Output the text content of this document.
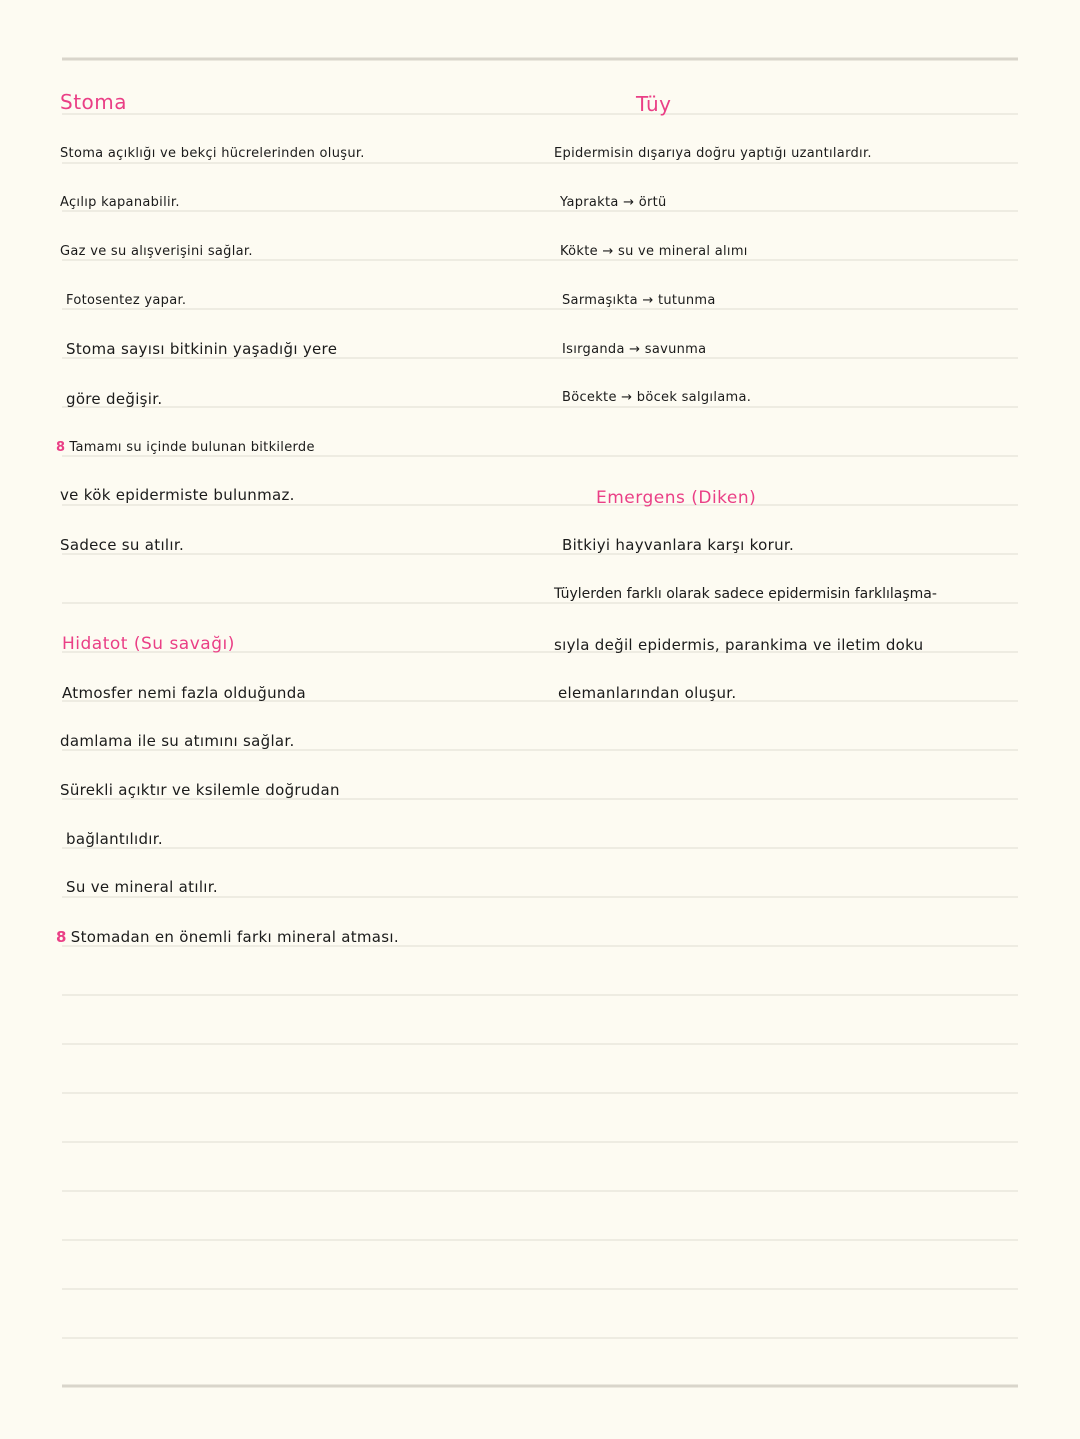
Stoma
Stoma açıklığı ve bekçi hücrelerinden oluşur.
Açılıp kapanabilir.
Gaz ve su alışverişini sağlar.
Fotosentez yapar.
Stoma sayısı bitkinin yaşadığı yere
göre değişir.
8 Tamamı su içinde bulunan bitkilerde
ve kök epidermiste bulunmaz.
Sadece su atılır.
Hidatot (Su savağı)
Atmosfer nemi fazla olduğunda
damlama ile su atımını sağlar.
Sürekli açıktır ve ksilemle doğrudan
bağlantılıdır.
Su ve mineral atılır.
8 Stomadan en önemli farkı mineral atması.
Tüy
Epidermisin dışarıya doğru yaptığı uzantılardır.
Yaprakta → örtü
Kökte → su ve mineral alımı
Sarmaşıkta → tutunma
Isırganda → savunma
Böcekte → böcek salgılama.
Emergens (Diken)
Bitkiyi hayvanlara karşı korur.
Tüylerden farklı olarak sadece epidermisin farklılaşma-
sıyla değil epidermis, parankima ve iletim doku
elemanlarından oluşur.
